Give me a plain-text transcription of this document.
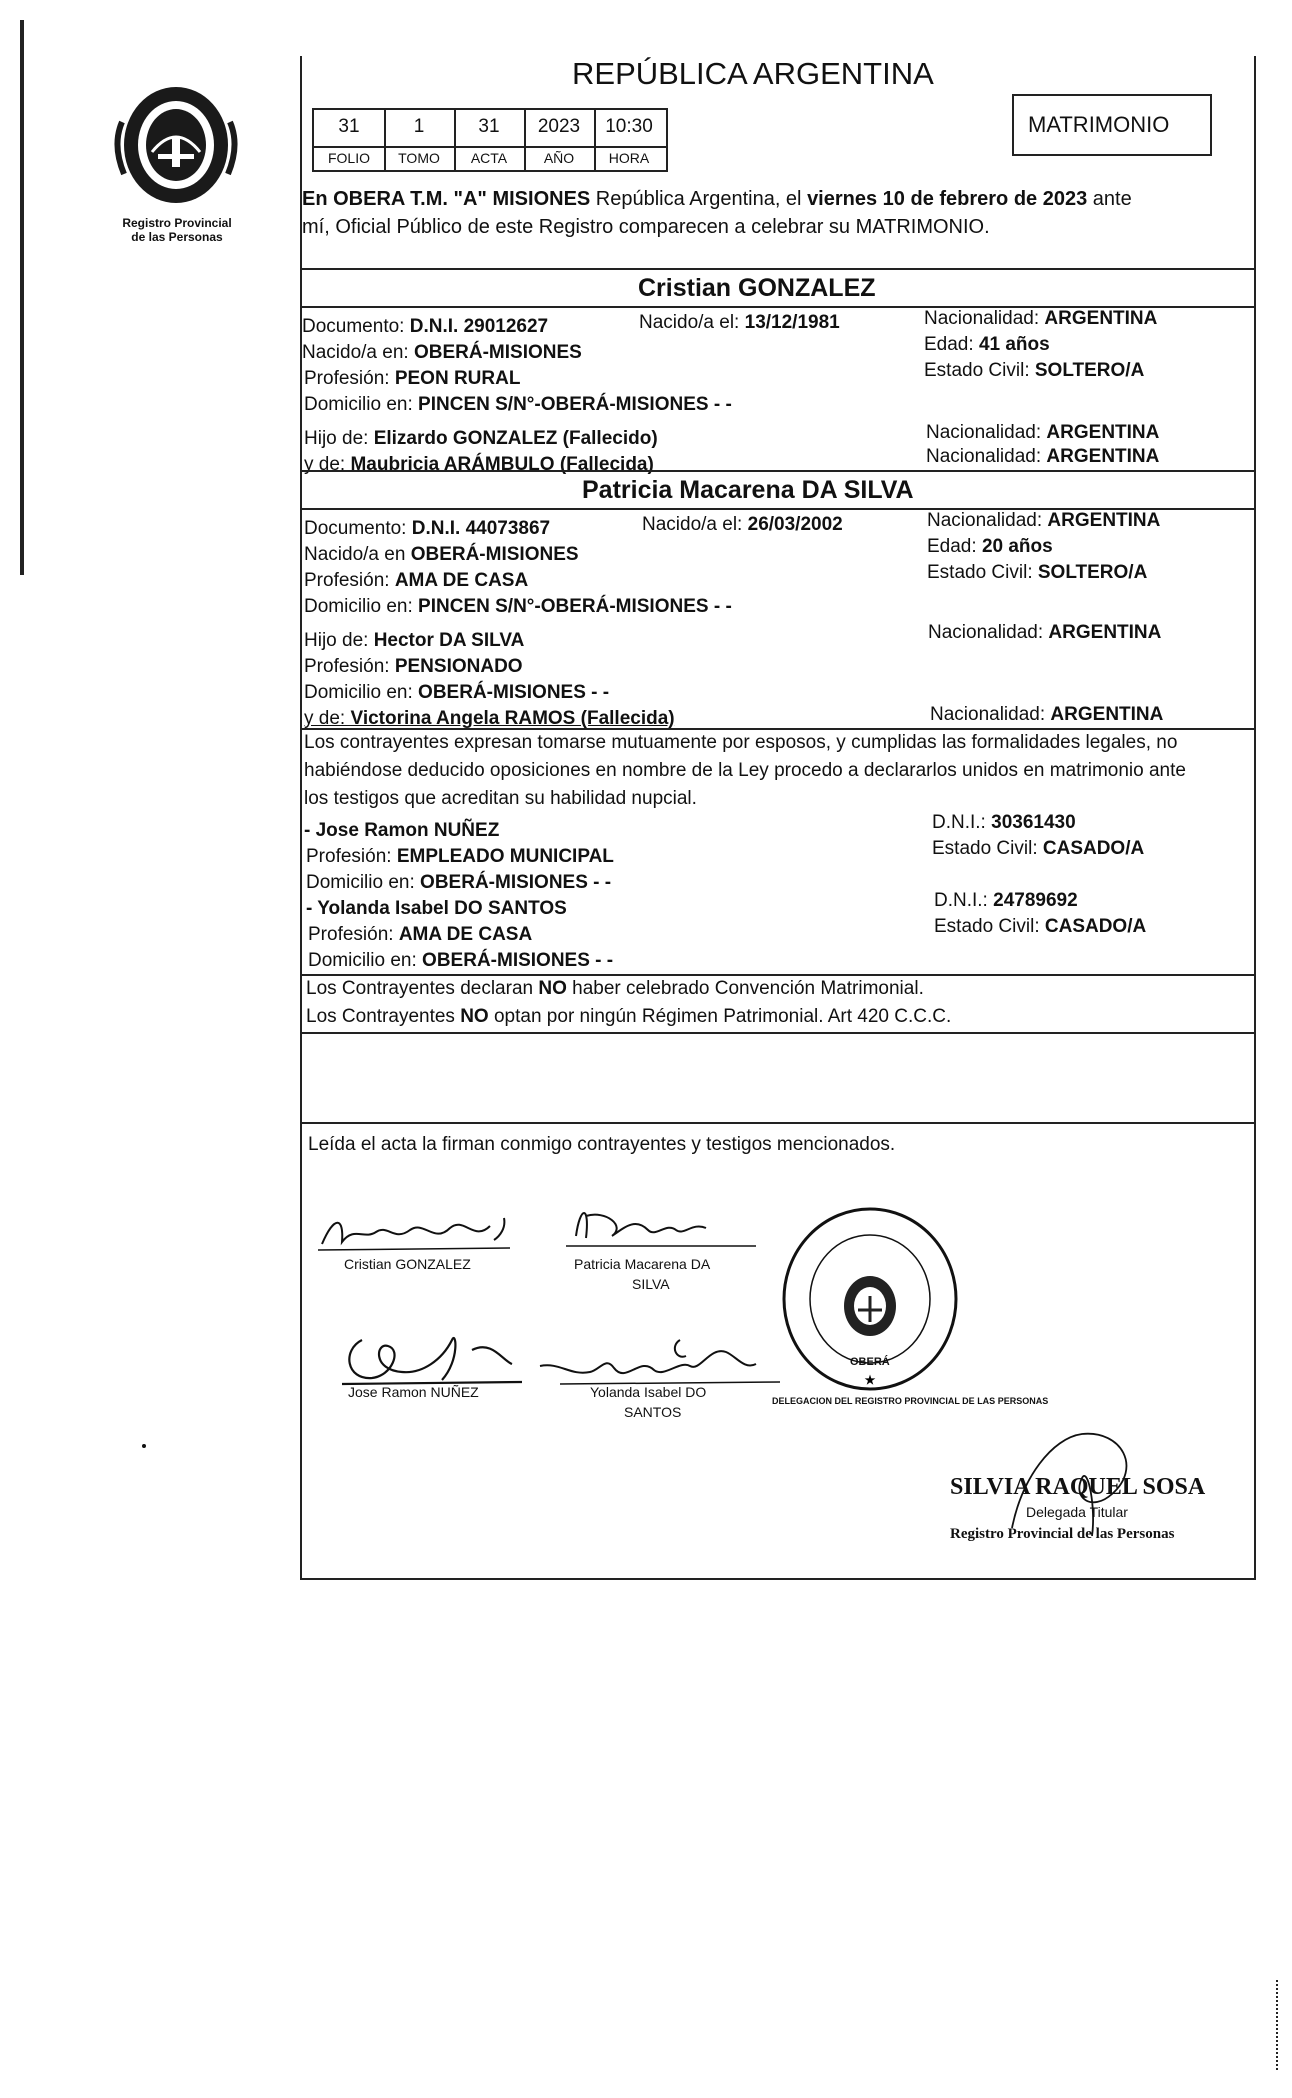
Registro Provincial
de las Personas
REPÚBLICA ARGENTINA
31	1	31	2023	10:30
FOLIO	TOMO	ACTA	AÑO	HORA
MATRIMONIO
En OBERA T.M. "A" MISIONES República Argentina, el viernes 10 de febrero de 2023 ante
mí, Oficial Público de este Registro comparecen a celebrar su MATRIMONIO.
Cristian GONZALEZ
Documento: D.N.I. 29012627	Nacido/a el: 13/12/1981	Nacionalidad: ARGENTINA
Edad: 41 años
Estado Civil: SOLTERO/A
Nacido/a en: OBERÁ-MISIONES
Profesión: PEON RURAL
Domicilio en: PINCEN S/N°-OBERÁ-MISIONES - -
Hijo de: Elizardo GONZALEZ (Fallecido)	Nacionalidad: ARGENTINA
y de: Maubricia ARÁMBULO (Fallecida)	Nacionalidad: ARGENTINA
Patricia Macarena DA SILVA
Documento: D.N.I. 44073867	Nacido/a el: 26/03/2002	Nacionalidad: ARGENTINA
Edad: 20 años
Estado Civil: SOLTERO/A
Nacido/a en OBERÁ-MISIONES
Profesión: AMA DE CASA
Domicilio en: PINCEN S/N°-OBERÁ-MISIONES - -
Hijo de: Hector DA SILVA	Nacionalidad: ARGENTINA
Profesión: PENSIONADO
Domicilio en: OBERÁ-MISIONES - -
y de: Victorina Angela RAMOS (Fallecida)	Nacionalidad: ARGENTINA
Los contrayentes expresan tomarse mutuamente por esposos, y cumplidas las formalidades legales, no
habiéndose deducido oposiciones en nombre de la Ley procedo a declararlos unidos en matrimonio ante
los testigos que acreditan su habilidad nupcial.
- Jose Ramon NUÑEZ
Profesión: EMPLEADO MUNICIPAL
Domicilio en: OBERÁ-MISIONES - -
D.N.I.: 30361430
Estado Civil: CASADO/A
- Yolanda Isabel DO SANTOS
Profesión: AMA DE CASA
Domicilio en: OBERÁ-MISIONES - -
D.N.I.: 24789692
Estado Civil: CASADO/A
Los Contrayentes declaran NO haber celebrado Convención Matrimonial.
Los Contrayentes NO optan por ningún Régimen Patrimonial. Art 420 C.C.C.
Leída el acta la firman conmigo contrayentes y testigos mencionados.
Cristian GONZALEZ	Patricia Macarena DA
SILVA
Jose Ramon NUÑEZ	Yolanda Isabel DO
SANTOS
★
DELEGACION DEL REGISTRO PROVINCIAL DE LAS PERSONAS
OBERÁ
SILVIA RAQUEL SOSA
Delegada Titular
Registro Provincial de las Personas
